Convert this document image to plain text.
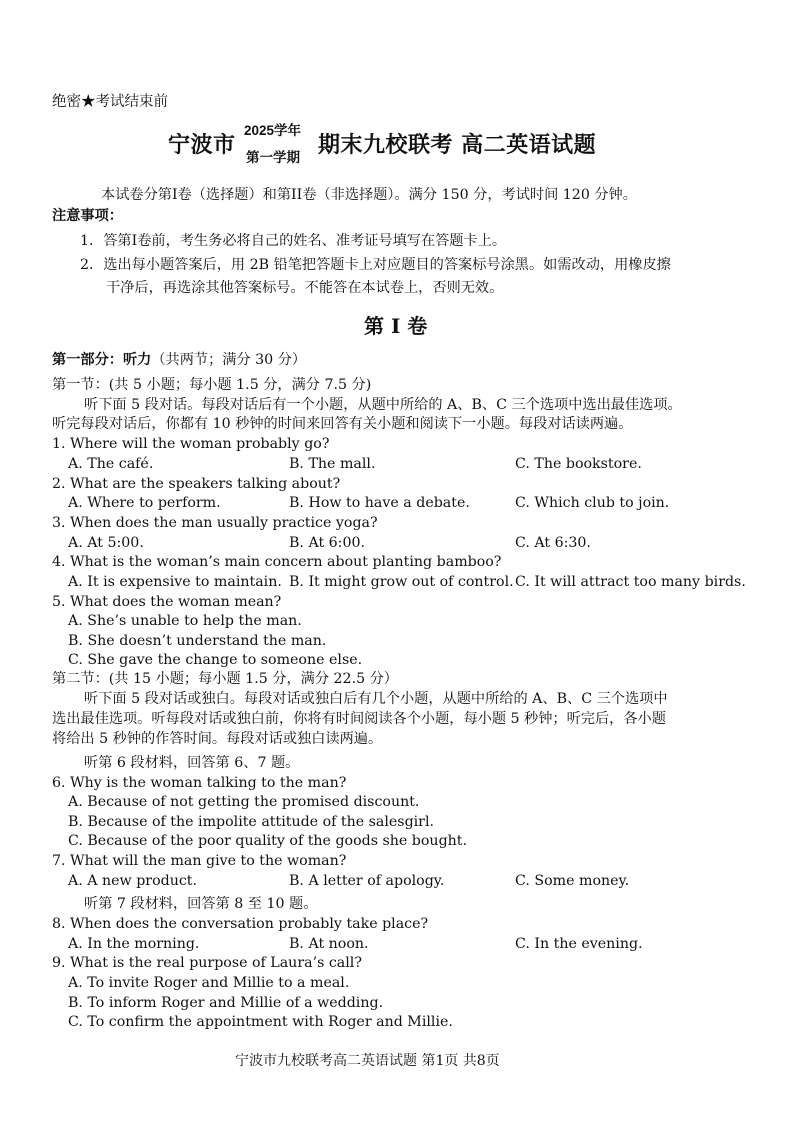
绝密★考试结束前
宁波市
2025学年
第一学期 期末九校联考 高二英语试题
本试卷分第I卷（选择题）和第II卷（非选择题）。满分 150 分，考试时间 120 分钟。
注意事项：
1．答第I卷前，考生务必将自己的姓名、准考证号填写在答题卡上。
2．选出每小题答案后，用 2B 铅笔把答题卡上对应题目的答案标号涂黑。如需改动，用橡皮擦
干净后，再选涂其他答案标号。不能答在本试卷上，否则无效。
第 I 卷
第一部分：听力（共两节；满分 30 分）
第一节：(共 5 小题；每小题 1.5 分，满分 7.5 分)
听下面 5 段对话。每段对话后有一个小题，从题中所给的 A、B、C 三个选项中选出最佳选项。
听完每段对话后，你都有 10 秒钟的时间来回答有关小题和阅读下一小题。每段对话读两遍。
1. Where will the woman probably go?
A. The café.	B. The mall.	C. The bookstore.
2. What are the speakers talking about?
A. Where to perform.	B. How to have a debate.	C. Which club to join.
3. When does the man usually practice yoga?
A. At 5:00.	B. At 6:00.	C. At 6:30.
4. What is the woman’s main concern about planting bamboo?
A. It is expensive to maintain. B. It might grow out of control. C. It will attract too many birds.
5. What does the woman mean?
A. She’s unable to help the man.
B. She doesn’t understand the man.
C. She gave the change to someone else.
第二节：(共 15 小题；每小题 1.5 分，满分 22.5 分）
听下面 5 段对话或独白。每段对话或独白后有几个小题，从题中所给的 A、B、C 三个选项中
选出最佳选项。听每段对话或独白前，你将有时间阅读各个小题，每小题 5 秒钟；听完后，各小题
将给出 5 秒钟的作答时间。每段对话或独白读两遍。
听第 6 段材料，回答第 6、7 题。
6. Why is the woman talking to the man?
A. Because of not getting the promised discount.
B. Because of the impolite attitude of the salesgirl.
C. Because of the poor quality of the goods she bought.
7. What will the man give to the woman?
A. A new product.	B. A letter of apology.	C. Some money.
听第 7 段材料，回答第 8 至 10 题。
8. When does the conversation probably take place?
A. In the morning.	B. At noon.	C. In the evening.
9. What is the real purpose of Laura’s call?
A. To invite Roger and Millie to a meal.
B. To inform Roger and Millie of a wedding.
C. To confirm the appointment with Roger and Millie.
宁波市九校联考高二英语试题 第1页 共8页
